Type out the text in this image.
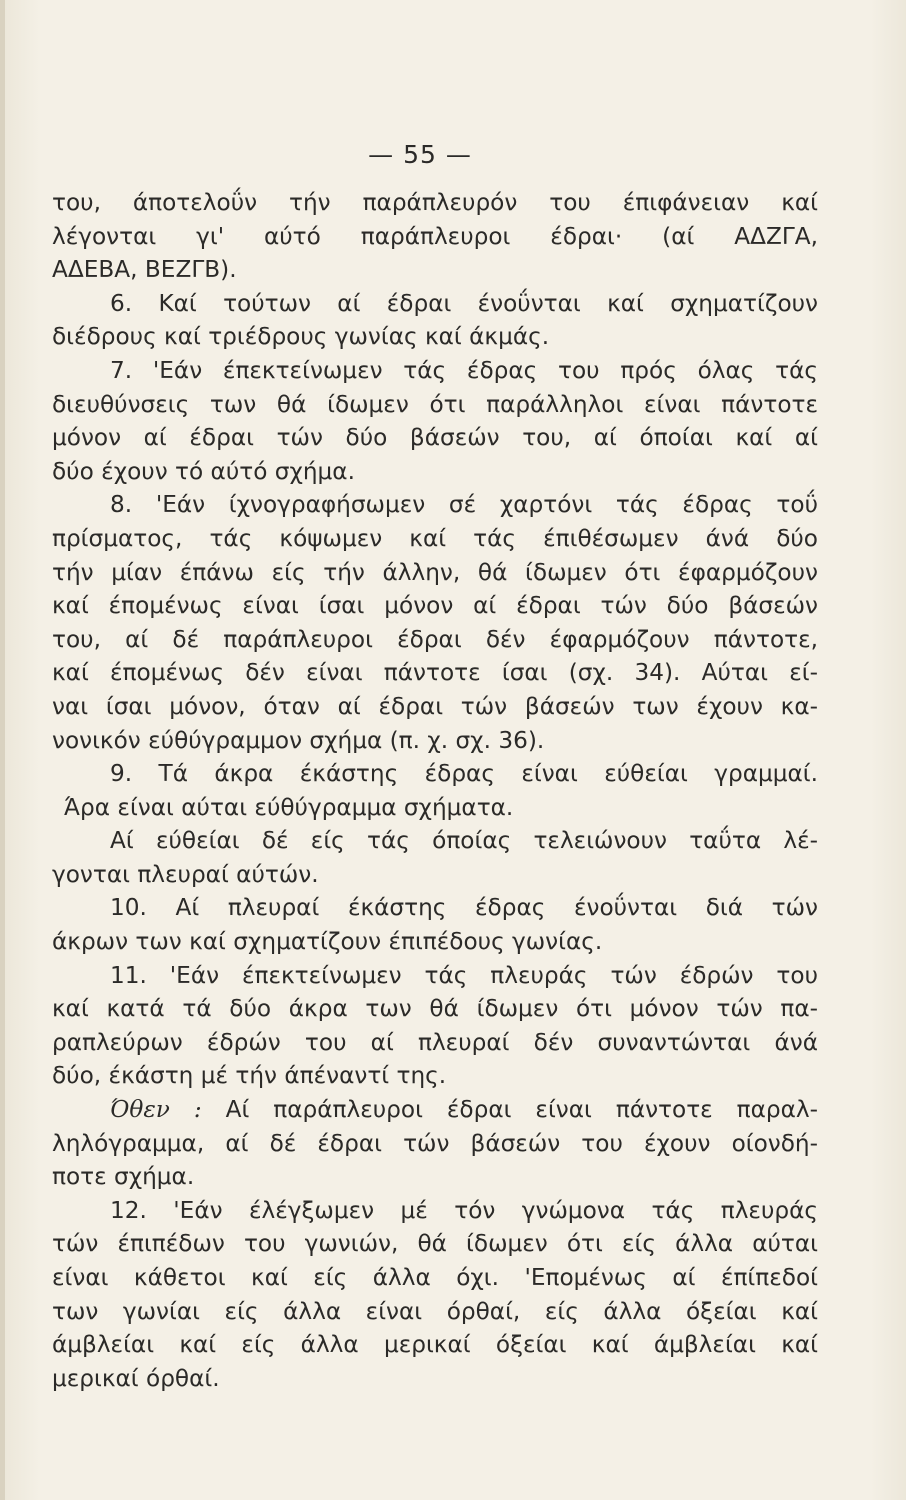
— 55 —
του, άποτελοΰν τήν παράπλευρόν του έπιφάνειαν καί
λέγονται γι' αύτό παράπλευροι έδραι· (αί ΑΔΖΓΑ,
ΑΔΕΒΑ, ΒΕΖΓΒ).
6. Καί τούτων αί έδραι ένοΰνται καί σχηματίζουν
διέδρους καί τριέδρους γωνίας καί άκμάς.
7. 'Εάν έπεκτείνωμεν τάς έδρας του πρός όλας τάς
διευθύνσεις των θά ίδωμεν ότι παράλληλοι είναι πάντοτε
μόνον αί έδραι τών δύο βάσεών του, αί όποίαι καί αί
δύο έχουν τό αύτό σχήμα.
8. 'Εάν ίχνογραφήσωμεν σέ χαρτόνι τάς έδρας τοΰ
πρίσματος, τάς κόψωμεν καί τάς έπιθέσωμεν άνά δύο
τήν μίαν έπάνω είς τήν άλλην, θά ίδωμεν ότι έφαρμόζουν
καί έπομένως είναι ίσαι μόνον αί έδραι τών δύο βάσεών
του, αί δέ παράπλευροι έδραι δέν έφαρμόζουν πάντοτε,
καί έπομένως δέν είναι πάντοτε ίσαι (σχ. 34). Αύται εί-
ναι ίσαι μόνον, όταν αί έδραι τών βάσεών των έχουν κα-
νονικόν εύθύγραμμον σχήμα (π. χ. σχ. 36).
9. Τά άκρα έκάστης έδρας είναι εύθείαι γραμμαί.
Άρα είναι αύται εύθύγραμμα σχήματα.
Αί εύθείαι δέ είς τάς όποίας τελειώνουν ταΰτα λέ-
γονται πλευραί αύτών.
10. Αί πλευραί έκάστης έδρας ένοΰνται διά τών
άκρων των καί σχηματίζουν έπιπέδους γωνίας.
11. 'Εάν έπεκτείνωμεν τάς πλευράς τών έδρών του
καί κατά τά δύο άκρα των θά ίδωμεν ότι μόνον τών πα-
ραπλεύρων έδρών του αί πλευραί δέν συναντώνται άνά
δύο, έκάστη μέ τήν άπέναντί της.
Όθεν : Αί παράπλευροι έδραι είναι πάντοτε παραλ-
ληλόγραμμα, αί δέ έδραι τών βάσεών του έχουν οίονδή-
ποτε σχήμα.
12. 'Εάν έλέγξωμεν μέ τόν γνώμονα τάς πλευράς
τών έπιπέδων του γωνιών, θά ίδωμεν ότι είς άλλα αύται
είναι κάθετοι καί είς άλλα όχι. 'Επομένως αί έπίπεδοί
των γωνίαι είς άλλα είναι όρθαί, είς άλλα όξείαι καί
άμβλείαι καί είς άλλα μερικαί όξείαι καί άμβλείαι καί
μερικαί όρθαί.
